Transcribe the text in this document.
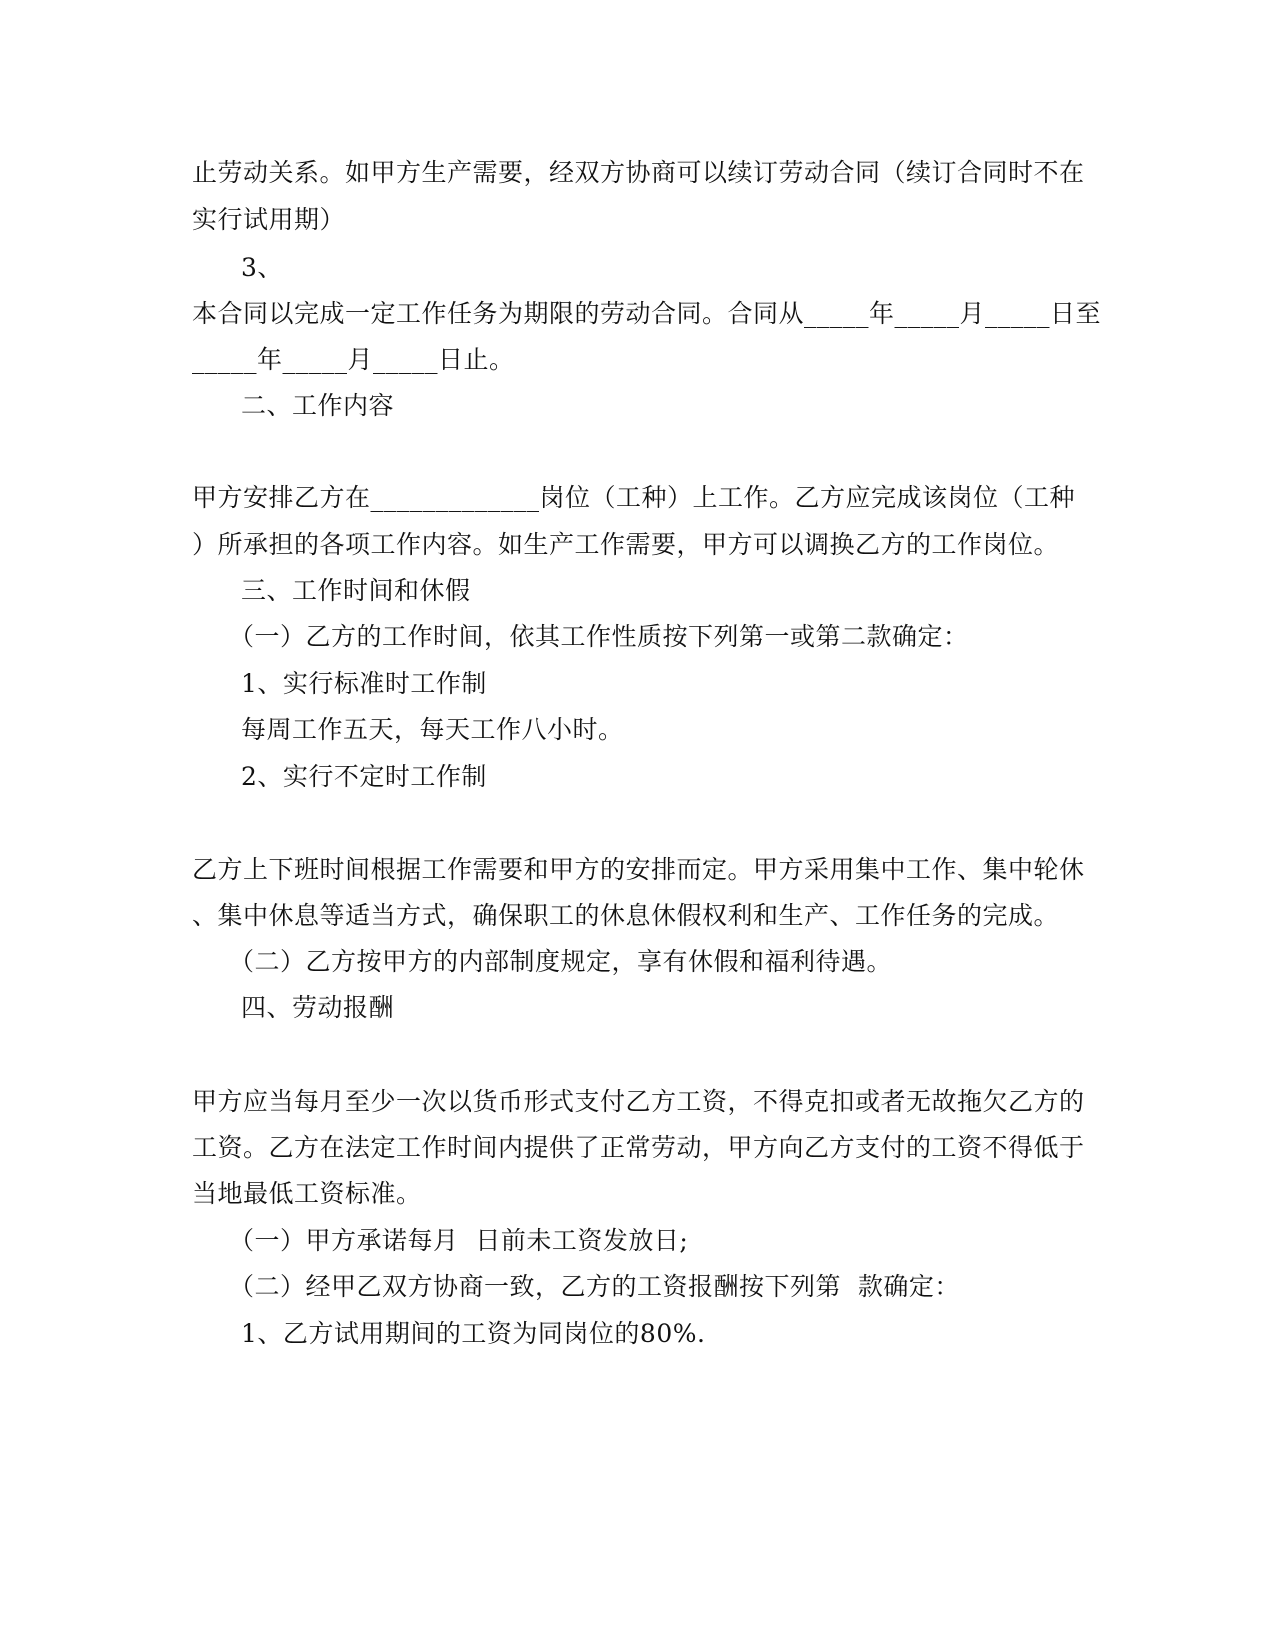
止劳动关系。如甲方生产需要，经双方协商可以续订劳动合同（续订合同时不在
实行试用期）
3、
本合同以完成一定工作任务为期限的劳动合同。合同从_____年_____月_____日至
_____年_____月_____日止。
二、工作内容
甲方安排乙方在_____________岗位（工种）上工作。乙方应完成该岗位（工种
）所承担的各项工作内容。如生产工作需要，甲方可以调换乙方的工作岗位。
三、工作时间和休假
（一）乙方的工作时间，依其工作性质按下列第一或第二款确定：
1、实行标准时工作制
每周工作五天，每天工作八小时。
2、实行不定时工作制
乙方上下班时间根据工作需要和甲方的安排而定。甲方采用集中工作、集中轮休
、集中休息等适当方式，确保职工的休息休假权利和生产、工作任务的完成。
（二）乙方按甲方的内部制度规定，享有休假和福利待遇。
四、劳动报酬
甲方应当每月至少一次以货币形式支付乙方工资，不得克扣或者无故拖欠乙方的
工资。乙方在法定工作时间内提供了正常劳动，甲方向乙方支付的工资不得低于
当地最低工资标准。
（一）甲方承诺每月  日前未工资发放日;
（二）经甲乙双方协商一致，乙方的工资报酬按下列第  款确定：
1、乙方试用期间的工资为同岗位的80%.
